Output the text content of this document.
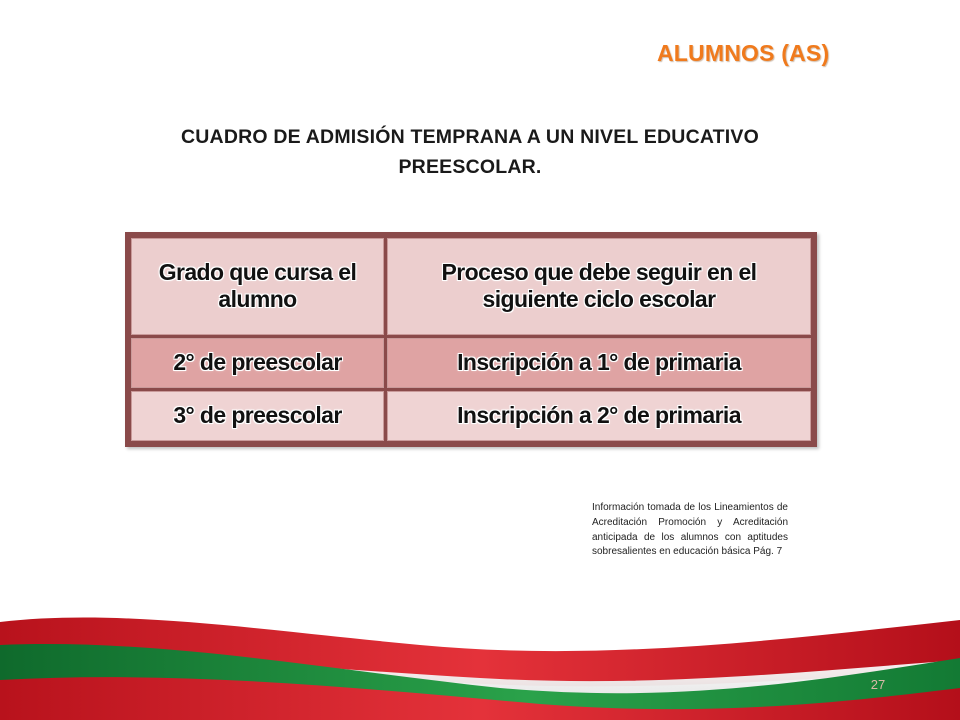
ALUMNOS (AS)
CUADRO DE ADMISIÓN TEMPRANA A UN NIVEL EDUCATIVO PREESCOLAR.
Grado que cursa el alumno	Proceso que debe seguir en el siguiente ciclo escolar
2° de preescolar	Inscripción a 1° de primaria
3° de preescolar	Inscripción a 2° de primaria
Información tomada de los Lineamientos de Acreditación Promoción y Acreditación anticipada de los alumnos con aptitudes sobresalientes en educación básica Pág. 7
27
